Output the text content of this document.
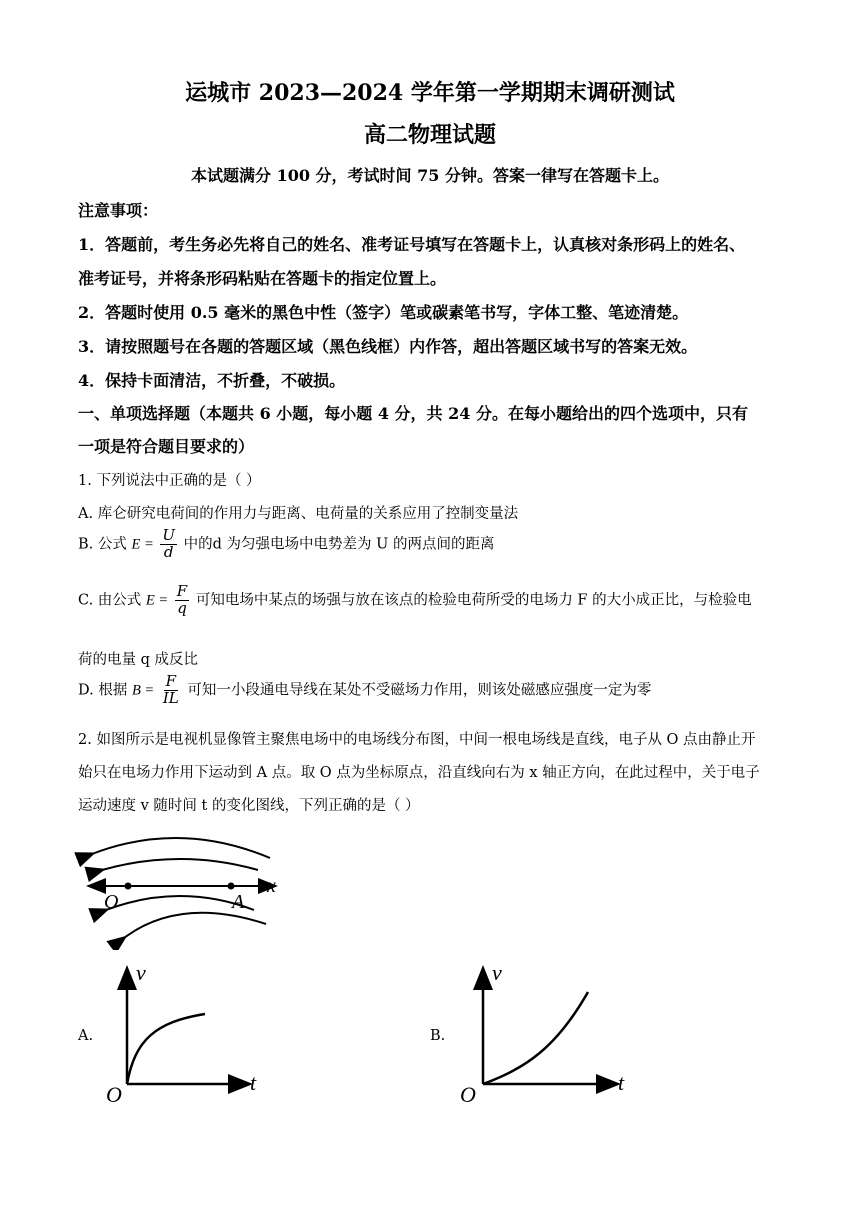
运城市 2023—2024 学年第一学期期末调研测试
高二物理试题
本试题满分 100 分，考试时间 75 分钟。答案一律写在答题卡上。
注意事项：
1．答题前，考生务必先将自己的姓名、准考证号填写在答题卡上，认真核对条形码上的姓名、
准考证号，并将条形码粘贴在答题卡的指定位置上。
2．答题时使用 0.5 毫米的黑色中性（签字）笔或碳素笔书写，字体工整、笔迹清楚。
3．请按照题号在各题的答题区域（黑色线框）内作答，超出答题区域书写的答案无效。
4．保持卡面清洁，不折叠，不破损。
一、单项选择题（本题共 6 小题，每小题 4 分，共 24 分。在每小题给出的四个选项中，只有
一项是符合题目要求的）
1. 下列说法中正确的是（ ）
A. 库仑研究电荷间的作用力与距离、电荷量的关系应用了控制变量法
B. 公式 $E = \frac{U}{d}$ 中的d 为匀强电场中电势差为 U 的两点间的距离
C. 由公式 $E = \frac{F}{q}$ 可知电场中某点的场强与放在该点的检验电荷所受的电场力 F 的大小成正比，与检验电
荷的电量 q 成反比
D. 根据 $B = \frac{F}{IL}$ 可知一小段通电导线在某处不受磁场力作用，则该处磁感应强度一定为零
2. 如图所示是电视机显像管主聚焦电场中的电场线分布图，中间一根电场线是直线，电子从 O 点由静止开
始只在电场力作用下运动到 A 点。取 O 点为坐标原点，沿直线向右为 x 轴正方向，在此过程中，关于电子
运动速度 v 随时间 t 的变化图线，下列正确的是（ ）
x
O	A
A.
v
t
O
B.
v
t
O
